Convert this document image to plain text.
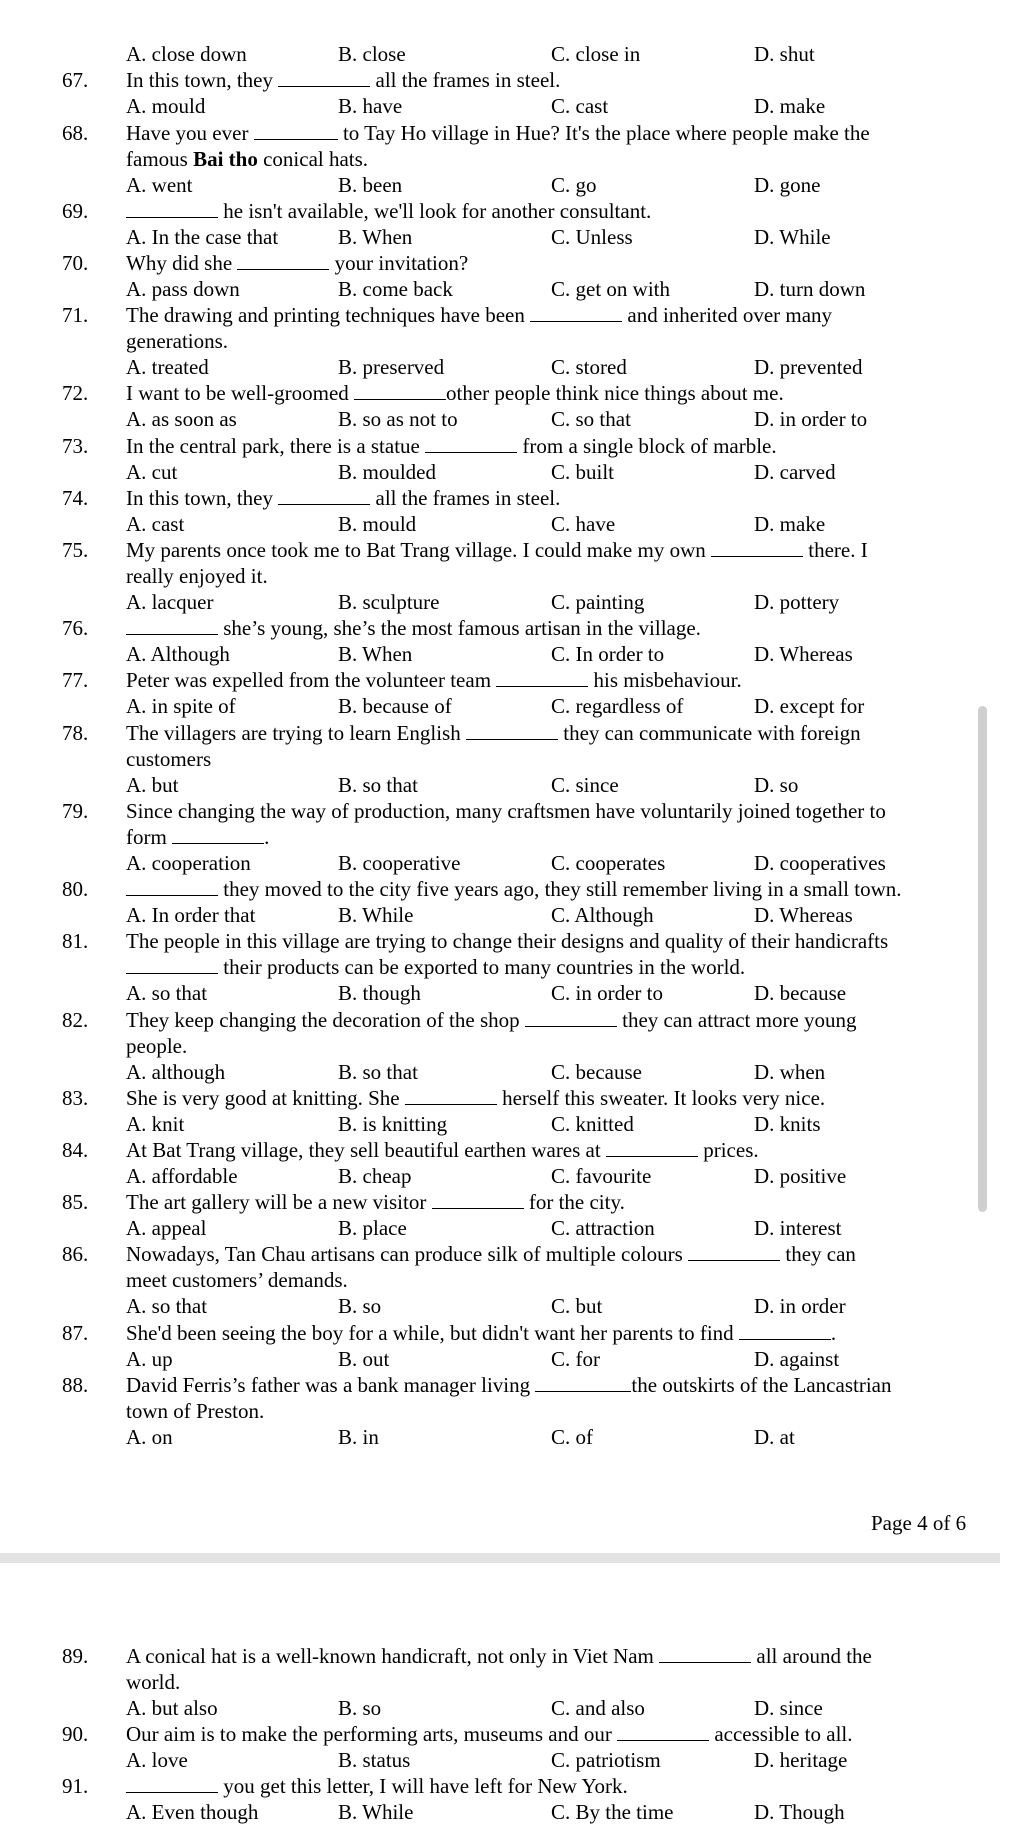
A. close down	B. close	C. close in	D. shut
67. In this town, they	all the frames in steel.
A. mould	B. have	C. cast	D. make
68. Have you ever	to Tay Ho village in Hue? It's the place where people make the
famous Bai tho conical hats.
A. went	B. been	C. go	D. gone
69.	he isn't available, we'll look for another consultant.
A. In the case that	B. When	C. Unless	D. While
70. Why did she	your invitation?
A. pass down	B. come back	C. get on with	D. turn down
71. The drawing and printing techniques have been	and inherited over many
generations.
A. treated	B. preserved	C. stored	D. prevented
72. I want to be well-groomed	other people think nice things about me.
A. as soon as	B. so as not to	C. so that	D. in order to
73. In the central park, there is a statue	from a single block of marble.
A. cut	B. moulded	C. built	D. carved
74. In this town, they	all the frames in steel.
A. cast	B. mould	C. have	D. make
75. My parents once took me to Bat Trang village. I could make my own	there. I
really enjoyed it.
A. lacquer	B. sculpture	C. painting	D. pottery
76.	she’s young, she’s the most famous artisan in the village.
A. Although	B. When	C. In order to	D. Whereas
77. Peter was expelled from the volunteer team	his misbehaviour.
A. in spite of	B. because of	C. regardless of	D. except for
78. The villagers are trying to learn English	they can communicate with foreign
customers
A. but	B. so that	C. since	D. so
79. Since changing the way of production, many craftsmen have voluntarily joined together to
form	.
A. cooperation	B. cooperative	C. cooperates	D. cooperatives
80.	they moved to the city five years ago, they still remember living in a small town.
A. In order that	B. While	C. Although	D. Whereas
81. The people in this village are trying to change their designs and quality of their handicrafts
their products can be exported to many countries in the world.
A. so that	B. though	C. in order to	D. because
82. They keep changing the decoration of the shop	they can attract more young
people.
A. although	B. so that	C. because	D. when
83. She is very good at knitting. She	herself this sweater. It looks very nice.
A. knit	B. is knitting	C. knitted	D. knits
84. At Bat Trang village, they sell beautiful earthen wares at	prices.
A. affordable	B. cheap	C. favourite	D. positive
85. The art gallery will be a new visitor	for the city.
A. appeal	B. place	C. attraction	D. interest
86. Nowadays, Tan Chau artisans can produce silk of multiple colours	they can
meet customers’ demands.
A. so that	B. so	C. but	D. in order
87. She'd been seeing the boy for a while, but didn't want her parents to find	.
A. up	B. out	C. for	D. against
88. David Ferris’s father was a bank manager living	the outskirts of the Lancastrian
town of Preston.
A. on	B. in	C. of	D. at
Page 4 of 6
89. A conical hat is a well-known handicraft, not only in Viet Nam	all around the
world.
A. but also	B. so	C. and also	D. since
90. Our aim is to make the performing arts, museums and our	accessible to all.
A. love	B. status	C. patriotism	D. heritage
91.	you get this letter, I will have left for New York.
A. Even though	B. While	C. By the time	D. Though
